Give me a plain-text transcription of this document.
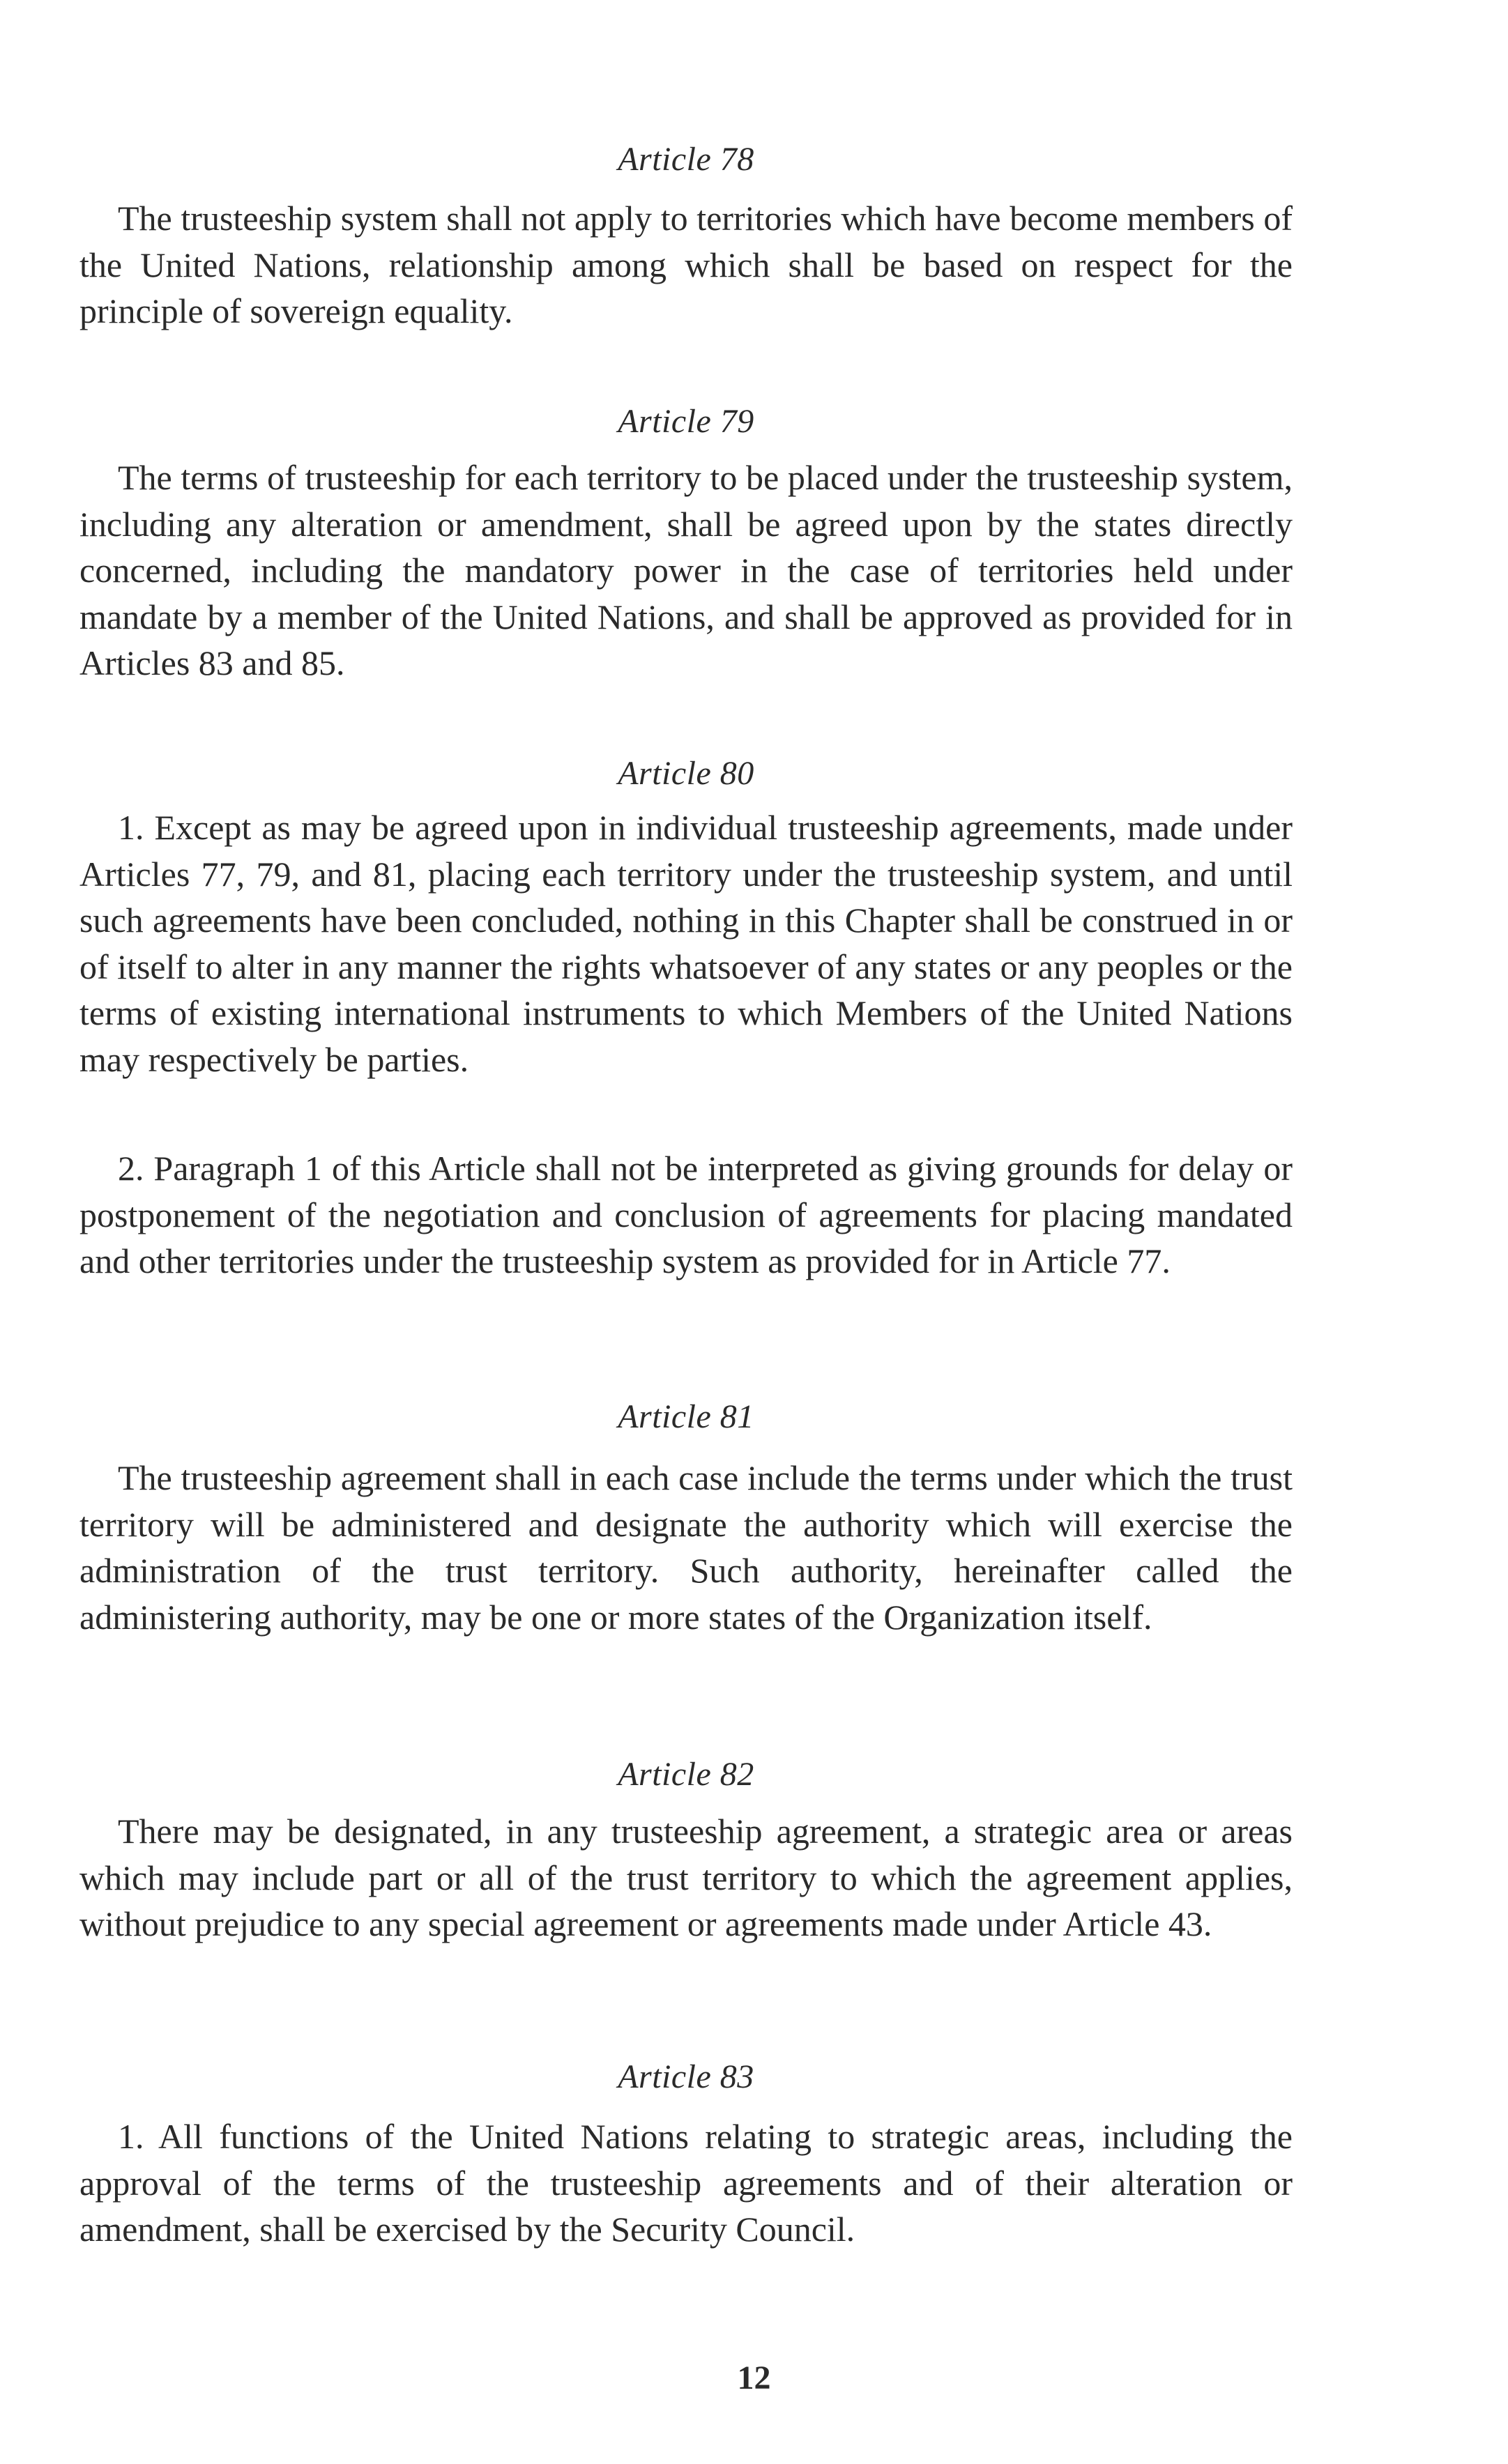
Article 78

The trusteeship system shall not apply to territories which have become members of the United Nations, relationship among which shall be based on respect for the principle of sovereign equality.

Article 79

The terms of trusteeship for each territory to be placed under the trusteeship system, including any alteration or amendment, shall be agreed upon by the states directly concerned, including the mandatory power in the case of territories held under mandate by a member of the United Nations, and shall be approved as provided for in Articles 83 and 85.

Article 80

1. Except as may be agreed upon in individual trusteeship agreements, made under Articles 77, 79, and 81, placing each territory under the trusteeship system, and until such agreements have been concluded, nothing in this Chapter shall be construed in or of itself to alter in any manner the rights whatsoever of any states or any peoples or the terms of existing international instruments to which Members of the United Nations may respectively be parties.

2. Paragraph 1 of this Article shall not be interpreted as giving grounds for delay or postponement of the negotiation and conclusion of agreements for placing mandated and other territories under the trusteeship system as provided for in Article 77.

Article 81

The trusteeship agreement shall in each case include the terms under which the trust territory will be administered and designate the authority which will exercise the administration of the trust territory. Such authority, hereinafter called the administering authority, may be one or more states of the Organization itself.

Article 82

There may be designated, in any trusteeship agreement, a strategic area or areas which may include part or all of the trust territory to which the agreement applies, without prejudice to any special agreement or agreements made under Article 43.

Article 83

1. All functions of the United Nations relating to strategic areas, including the approval of the terms of the trusteeship agreements and of their alteration or amendment, shall be exercised by the Security Council.

12
